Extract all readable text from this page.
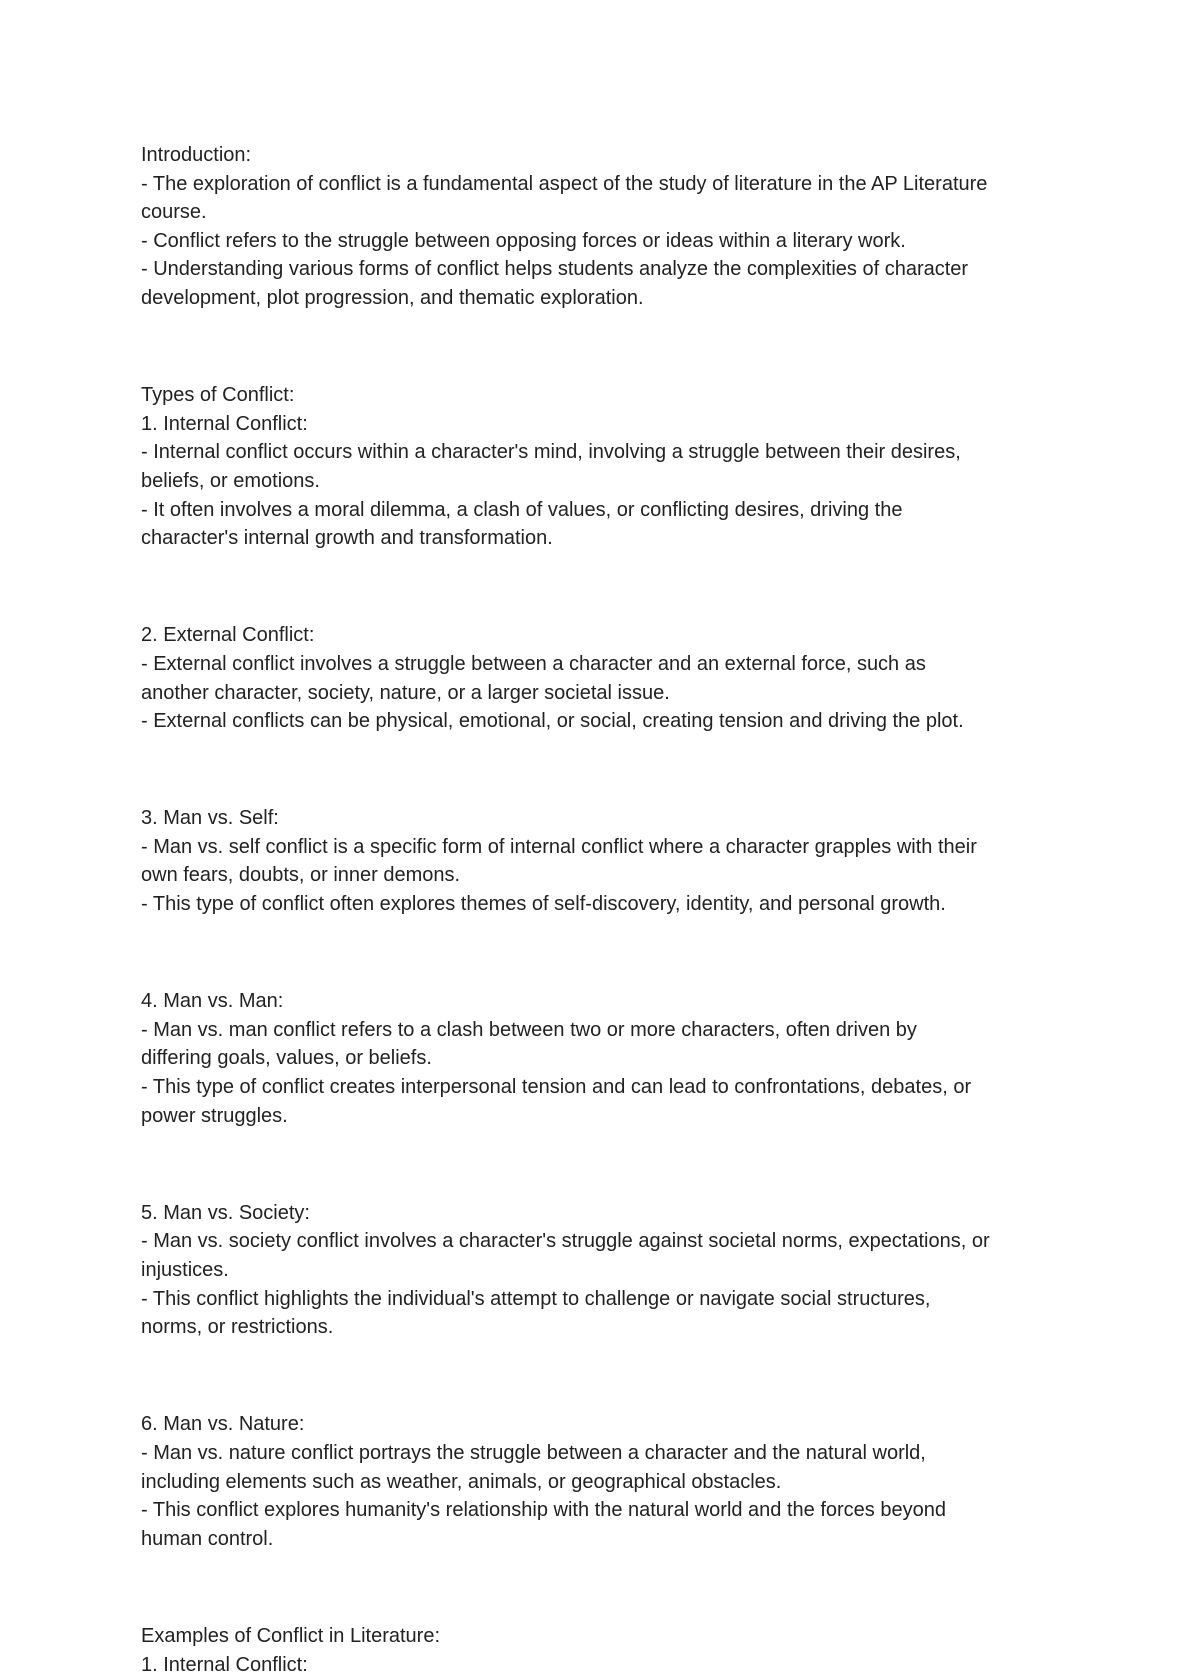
Introduction:

- The exploration of conflict is a fundamental aspect of the study of literature in the AP Literature

course.

- Conflict refers to the struggle between opposing forces or ideas within a literary work.

- Understanding various forms of conflict helps students analyze the complexities of character

development, plot progression, and thematic exploration.

Types of Conflict:

1. Internal Conflict:

- Internal conflict occurs within a character's mind, involving a struggle between their desires,

beliefs, or emotions.

- It often involves a moral dilemma, a clash of values, or conflicting desires, driving the

character's internal growth and transformation.

2. External Conflict:

- External conflict involves a struggle between a character and an external force, such as

another character, society, nature, or a larger societal issue.

- External conflicts can be physical, emotional, or social, creating tension and driving the plot.

3. Man vs. Self:

- Man vs. self conflict is a specific form of internal conflict where a character grapples with their

own fears, doubts, or inner demons.

- This type of conflict often explores themes of self-discovery, identity, and personal growth.

4. Man vs. Man:

- Man vs. man conflict refers to a clash between two or more characters, often driven by

differing goals, values, or beliefs.

- This type of conflict creates interpersonal tension and can lead to confrontations, debates, or

power struggles.

5. Man vs. Society:

- Man vs. society conflict involves a character's struggle against societal norms, expectations, or

injustices.

- This conflict highlights the individual's attempt to challenge or navigate social structures,

norms, or restrictions.

6. Man vs. Nature:

- Man vs. nature conflict portrays the struggle between a character and the natural world,

including elements such as weather, animals, or geographical obstacles.

- This conflict explores humanity's relationship with the natural world and the forces beyond

human control.

Examples of Conflict in Literature:

1. Internal Conflict:
